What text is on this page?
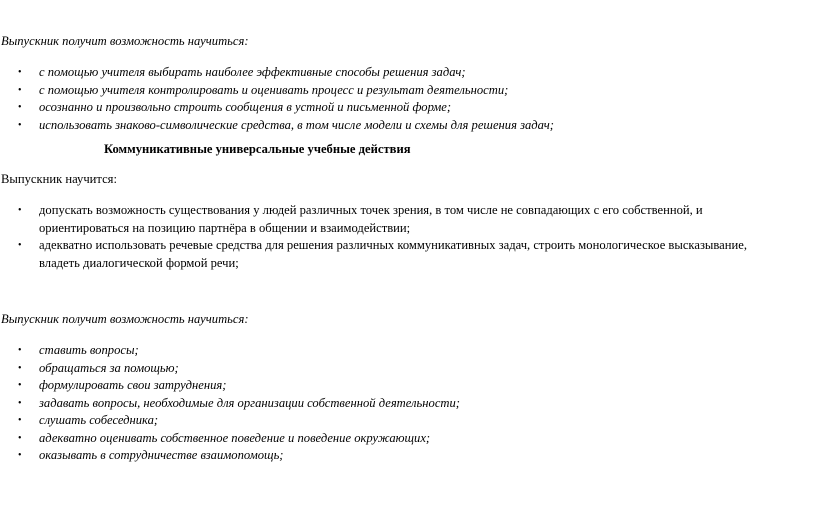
Выпускник получит возможность научиться:

• с помощью учителя выбирать наиболее эффективные способы решения задач;
• с помощью учителя контролировать и оценивать процесс и результат деятельности;
• осознанно и произвольно строить сообщения в устной и письменной форме;
• использовать знаково-символические средства, в том числе модели и схемы для решения задач;
Коммуникативные универсальные учебные действия

Выпускник научится:

• допускать возможность существования у людей различных точек зрения, в том числе не совпадающих с его собственной, и ориентироваться на позицию партнёра в общении и взаимодействии;
• адекватно использовать речевые средства для решения различных коммуникативных задач, строить монологическое высказывание, владеть диалогической формой речи;

Выпускник получит возможность научиться:

• ставить вопросы;
• обращаться за помощью;
• формулировать свои затруднения;
• задавать вопросы, необходимые для организации собственной деятельности;
• слушать собеседника;
• адекватно оценивать собственное поведение и поведение окружающих;
• оказывать в сотрудничестве взаимопомощь;
